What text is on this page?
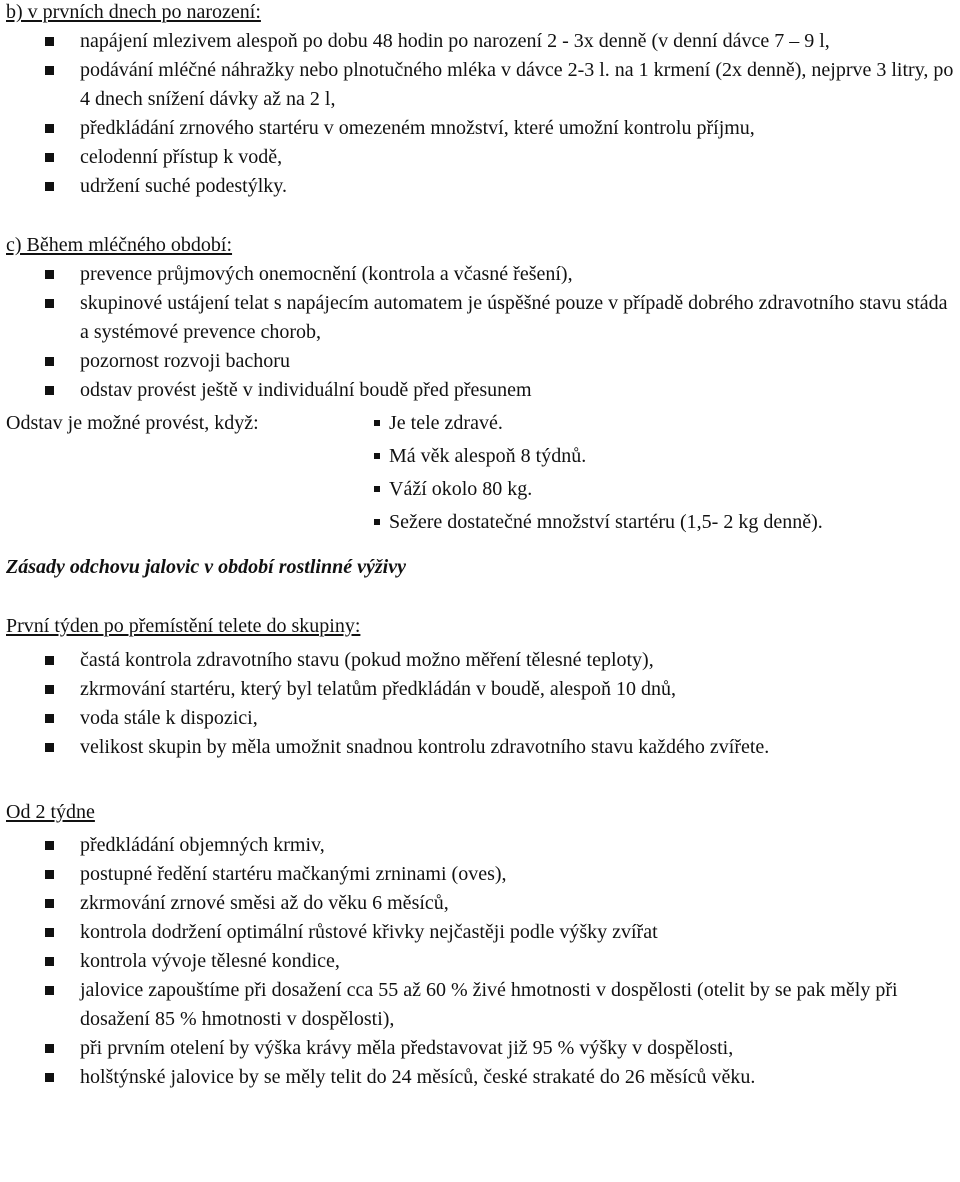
b) v prvních dnech po narození:
napájení mlezivem alespoň po dobu 48 hodin po narození 2 - 3x denně (v denní dávce 7 – 9 l,
podávání mléčné náhražky nebo plnotučného mléka v dávce 2-3 l. na 1 krmení (2x denně), nejprve 3 litry, po 4 dnech snížení dávky až na 2 l,
předkládání zrnového startéru v omezeném množství, které umožní kontrolu příjmu,
celodenní přístup k vodě,
udržení suché podestýlky.
c) Během mléčného období:
prevence průjmových onemocnění (kontrola a včasné řešení),
skupinové ustájení telat s napájecím automatem je úspěšné pouze v případě dobrého zdravotního stavu stáda a systémové prevence chorob,
pozornost rozvoji bachoru
odstav provést ještě v individuální boudě před přesunem
Odstav je možné provést, když:	Je tele zdravé.
Má věk alespoň 8 týdnů.
Váží okolo 80 kg.
Sežere dostatečné množství startéru (1,5- 2 kg denně).
Zásady odchovu jalovic v období rostlinné výživy
První týden po přemístění telete do skupiny:
častá kontrola zdravotního stavu (pokud možno měření tělesné teploty),
zkrmování startéru, který byl telatům předkládán v boudě, alespoň 10 dnů,
voda stále k dispozici,
velikost skupin by měla umožnit snadnou kontrolu zdravotního stavu každého zvířete.
Od 2 týdne
předkládání objemných krmiv,
postupné ředění startéru mačkanými zrninami (oves),
zkrmování zrnové směsi až do věku 6 měsíců,
kontrola dodržení optimální růstové křivky nejčastěji podle výšky zvířat
kontrola vývoje tělesné kondice,
jalovice zapouštíme při dosažení cca 55 až 60 % živé hmotnosti v dospělosti (otelit by se pak měly při dosažení 85 % hmotnosti v dospělosti),
při prvním otelení by výška krávy měla představovat již 95 % výšky v dospělosti,
holštýnské jalovice by se měly telit do 24 měsíců, české strakaté do 26 měsíců věku.
